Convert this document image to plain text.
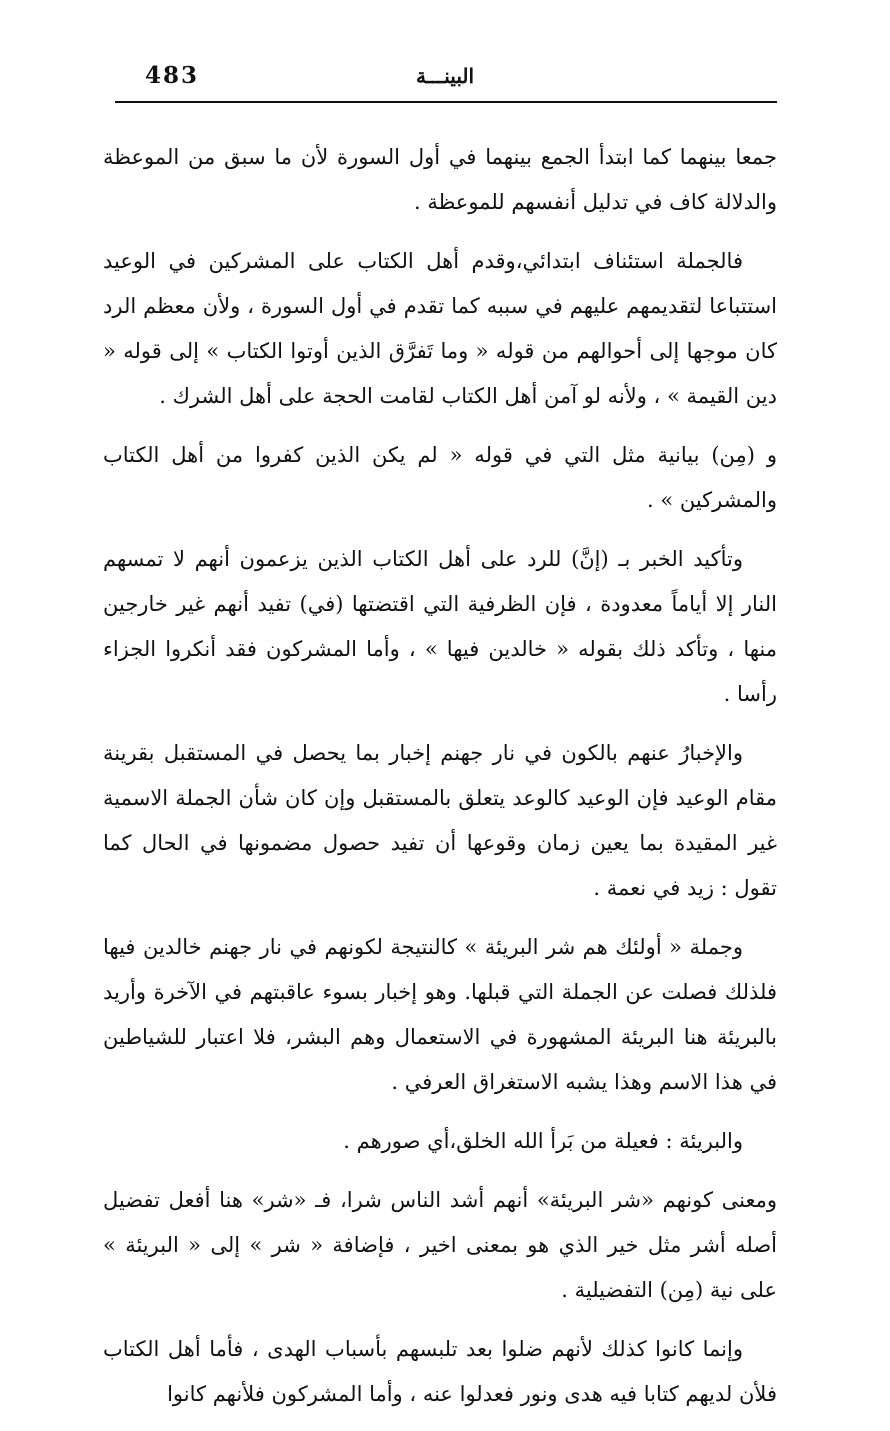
483	البينـــة

جمعا بينهما كما ابتدأ الجمع بينهما في أول السورة لأن ما سبق من الموعظة والدلالة كاف في تدليل أنفسهم للموعظة .

فالجملة استئناف ابتدائي،وقدم أهل الكتاب على المشركين في الوعيد استتباعا لتقديمهم عليهم في سببه كما تقدم في أول السورة ، ولأن معظم الرد كان موجها إلى أحوالهم من قوله « وما تَفرَّق الذين أوتوا الكتاب » إلى قوله « دين القيمة » ، ولأنه لو آمن أهل الكتاب لقامت الحجة على أهل الشرك .

و (مِن) بيانية مثل التي في قوله « لم يكن الذين كفروا من أهل الكتاب والمشركين » .

وتأكيد الخبر بـ (إنَّ) للرد على أهل الكتاب الذين يزعمون أنهم لا تمسهم النار إلا أياماً معدودة ، فإن الظرفية التي اقتضتها (في) تفيد أنهم غير خارجين منها ، وتأكد ذلك بقوله « خالدين فيها » ، وأما المشركون فقد أنكروا الجزاء رأسا .

والإخبارُ عنهم بالكون في نار جهنم إخبار بما يحصل في المستقبل بقرينة مقام الوعيد فإن الوعيد كالوعد يتعلق بالمستقبل وإن كان شأن الجملة الاسمية غير المقيدة بما يعين زمان وقوعها أن تفيد حصول مضمونها في الحال كما تقول : زيد في نعمة .

وجملة « أولئك هم شر البريئة » كالنتيجة لكونهم في نار جهنم خالدين فيها فلذلك فصلت عن الجملة التي قبلها. وهو إخبار بسوء عاقبتهم في الآخرة وأريد بالبريئة هنا البريئة المشهورة في الاستعمال وهم البشر، فلا اعتبار للشياطين في هذا الاسم وهذا يشبه الاستغراق العرفي .

والبريئة : فعيلة من بَرأ الله الخلق،أي صورهم .

ومعنى كونهم «شر البريئة» أنهم أشد الناس شرا، فـ «شر» هنا أفعل تفضيل أصله أشر مثل خير الذي هو بمعنى اخير ، فإضافة « شر » إلى « البريئة » على نية (مِن) التفضيلية .

وإنما كانوا كذلك لأنهم ضلوا بعد تلبسهم بأسباب الهدى ، فأما أهل الكتاب فلأن لديهم كتابا فيه هدى ونور فعدلوا عنه ، وأما المشركون فلأنهم كانوا
